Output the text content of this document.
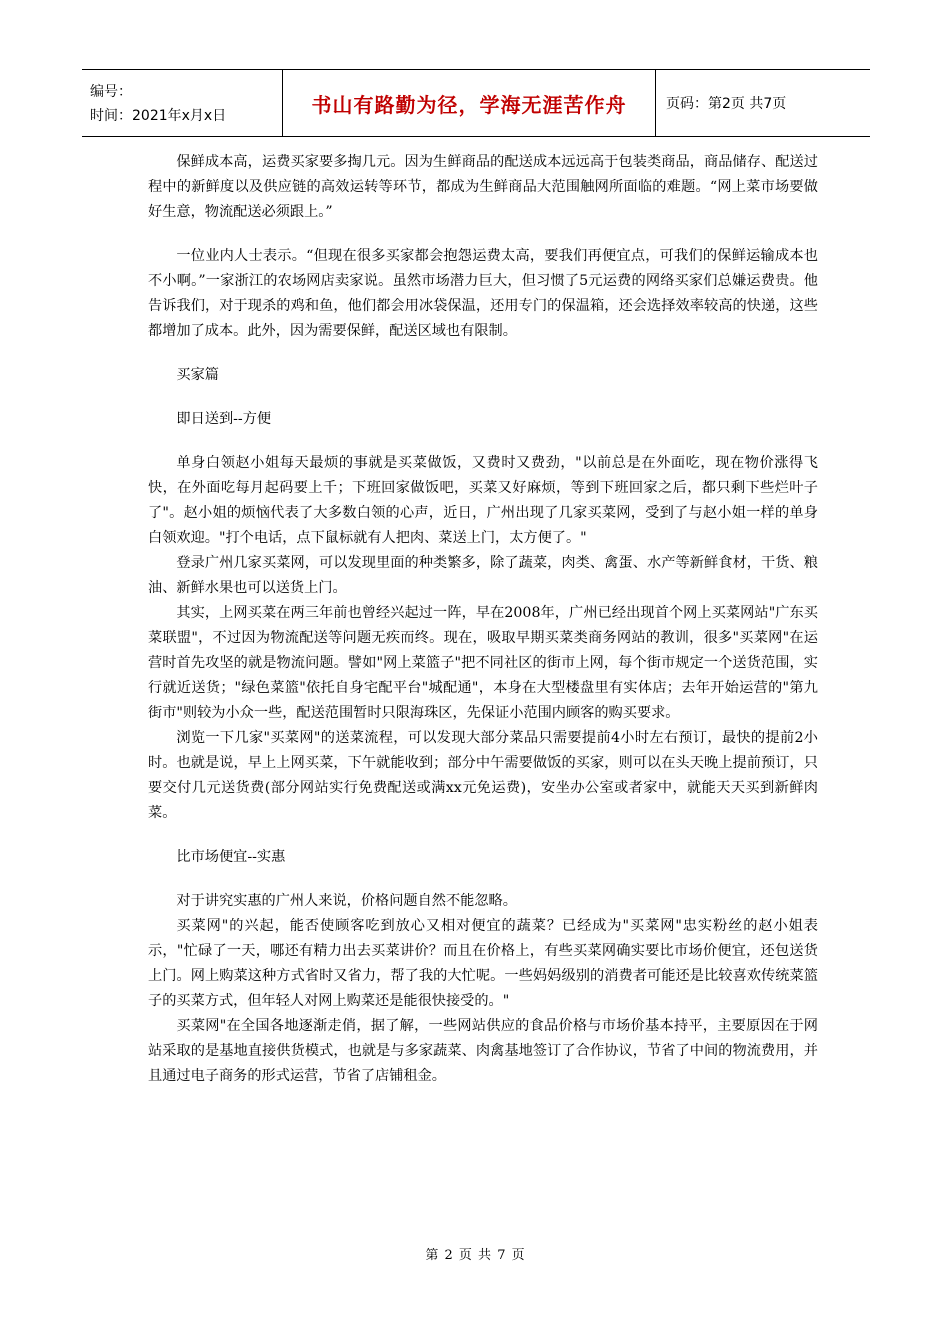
编号：
时间：2021年x月x日	书山有路勤为径，学海无涯苦作舟	页码：第2页 共7页

保鲜成本高，运费买家要多掏几元。因为生鲜商品的配送成本远远高于包装类商品，商品储存、配送过程中的新鲜度以及供应链的高效运转等环节，都成为生鲜商品大范围触网所面临的难题。“网上菜市场要做好生意，物流配送必须跟上。”

一位业内人士表示。“但现在很多买家都会抱怨运费太高，要我们再便宜点，可我们的保鲜运输成本也不小啊。”一家浙江的农场网店卖家说。虽然市场潜力巨大，但习惯了5元运费的网络买家们总嫌运费贵。他告诉我们，对于现杀的鸡和鱼，他们都会用冰袋保温，还用专门的保温箱，还会选择效率较高的快递，这些都增加了成本。此外，因为需要保鲜，配送区域也有限制。

买家篇

即日送到--方便

单身白领赵小姐每天最烦的事就是买菜做饭，又费时又费劲，"以前总是在外面吃，现在物价涨得飞快，在外面吃每月起码要上千；下班回家做饭吧，买菜又好麻烦，等到下班回家之后，都只剩下些烂叶子了"。赵小姐的烦恼代表了大多数白领的心声，近日，广州出现了几家买菜网，受到了与赵小姐一样的单身白领欢迎。"打个电话，点下鼠标就有人把肉、菜送上门，太方便了。"

登录广州几家买菜网，可以发现里面的种类繁多，除了蔬菜，肉类、禽蛋、水产等新鲜食材，干货、粮油、新鲜水果也可以送货上门。

其实，上网买菜在两三年前也曾经兴起过一阵，早在2008年，广州已经出现首个网上买菜网站"广东买菜联盟"，不过因为物流配送等问题无疾而终。现在，吸取早期买菜类商务网站的教训，很多"买菜网"在运营时首先攻坚的就是物流问题。譬如"网上菜篮子"把不同社区的街市上网，每个街市规定一个送货范围，实行就近送货；"绿色菜篮"依托自身宅配平台"城配通"，本身在大型楼盘里有实体店；去年开始运营的"第九街市"则较为小众一些，配送范围暂时只限海珠区，先保证小范围内顾客的购买要求。

浏览一下几家"买菜网"的送菜流程，可以发现大部分菜品只需要提前4小时左右预订，最快的提前2小时。也就是说，早上上网买菜，下午就能收到；部分中午需要做饭的买家，则可以在头天晚上提前预订，只要交付几元送货费(部分网站实行免费配送或满xx元免运费)，安坐办公室或者家中，就能天天买到新鲜肉菜。

比市场便宜--实惠

对于讲究实惠的广州人来说，价格问题自然不能忽略。

买菜网"的兴起，能否使顾客吃到放心又相对便宜的蔬菜？已经成为"买菜网"忠实粉丝的赵小姐表示，"忙碌了一天，哪还有精力出去买菜讲价？而且在价格上，有些买菜网确实要比市场价便宜，还包送货上门。网上购菜这种方式省时又省力，帮了我的大忙呢。一些妈妈级别的消费者可能还是比较喜欢传统菜篮子的买菜方式，但年轻人对网上购菜还是能很快接受的。"

买菜网"在全国各地逐渐走俏，据了解，一些网站供应的食品价格与市场价基本持平，主要原因在于网站采取的是基地直接供货模式，也就是与多家蔬菜、肉禽基地签订了合作协议，节省了中间的物流费用，并且通过电子商务的形式运营，节省了店铺租金。

第 2 页 共 7 页
